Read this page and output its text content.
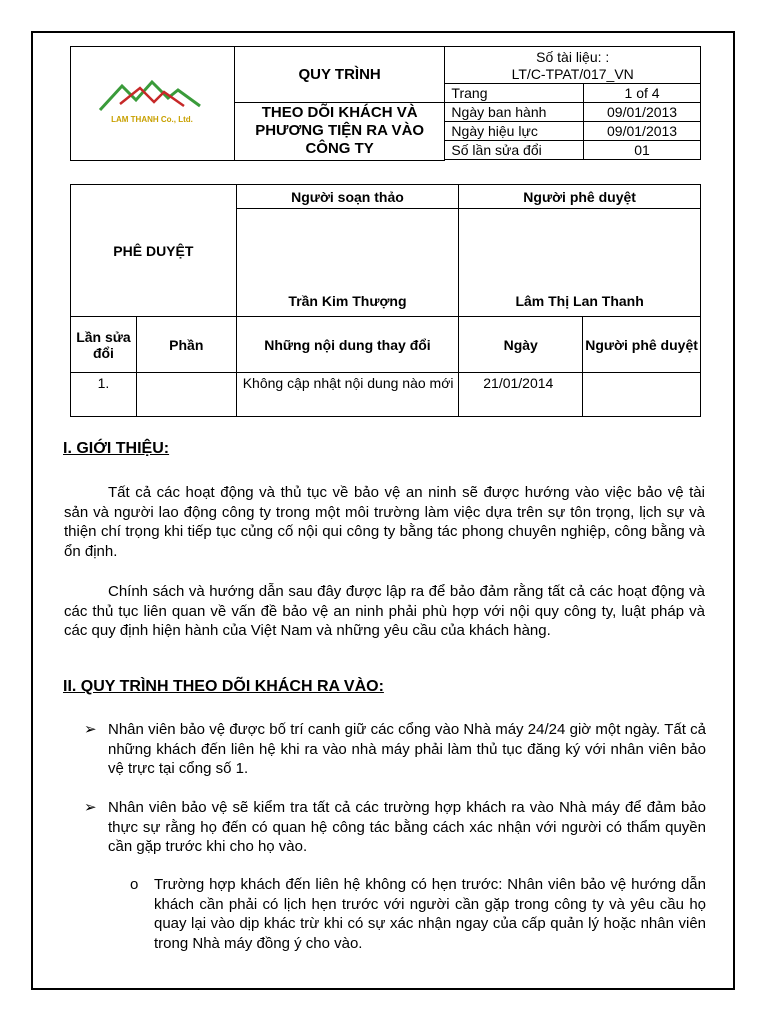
LAM THANH Co., Ltd.	QUY TRÌNH	Số tài liệu: :
LT/C-TPAT/017_VN	

		Trang	1 of 4
	THEO DÕI KHÁCH VÀ PHƯƠNG TIỆN RA VÀO CÔNG TY	Ngày ban hành	09/01/2013
		Ngày hiệu lực	09/01/2013
		Số lần sửa đổi	01

PHÊ DUYỆT		Người soạn thảo	Người phê duyệt	

		Trần Kim Thượng	Lâm Thị Lan Thanh	
Lần sửa đổi	Phần	Những nội dung thay đổi	Ngày	Người phê duyệt
1.		Không cập nhật nội dung nào mới	21/01/2014	
I. GIỚI THIỆU:

Tất cả các hoạt động và thủ tục về bảo vệ an ninh sẽ được hướng vào việc bảo vệ tài sản và người lao động công ty trong một môi trường làm việc dựa trên sự tôn trọng, lịch sự và thiện chí trọng khi tiếp tục củng cố nội qui công ty bằng tác phong chuyên nghiệp, công bằng và ổn định.

Chính sách và hướng dẫn sau đây được lập ra để bảo đảm rằng tất cả các hoạt động và các thủ tục liên quan về vấn đề bảo vệ an ninh phải phù hợp với nội quy công ty, luật pháp và các quy định hiện hành của Việt Nam và những yêu cầu của khách hàng.

II. QUY TRÌNH THEO DÕI KHÁCH RA VÀO:
➢ Nhân viên bảo vệ được bố trí canh giữ các cổng vào Nhà máy 24/24 giờ một ngày. Tất cả những khách đến liên hệ khi ra vào nhà máy phải làm thủ tục đăng ký với nhân viên bảo vệ trực tại cổng số 1.
➢ Nhân viên bảo vệ sẽ kiểm tra tất cả các trường hợp khách ra vào Nhà máy để đảm bảo thực sự rằng họ đến có quan hệ công tác bằng cách xác nhận với người có thẩm quyền cần gặp trước khi cho họ vào.
o Trường hợp khách đến liên hệ không có hẹn trước: Nhân viên bảo vệ hướng dẫn khách cần phải có lịch hẹn trước với người cần gặp trong công ty và yêu cầu họ quay lại vào dịp khác trừ khi có sự xác nhận ngay của cấp quản lý hoặc nhân viên trong Nhà máy đồng ý cho vào.
